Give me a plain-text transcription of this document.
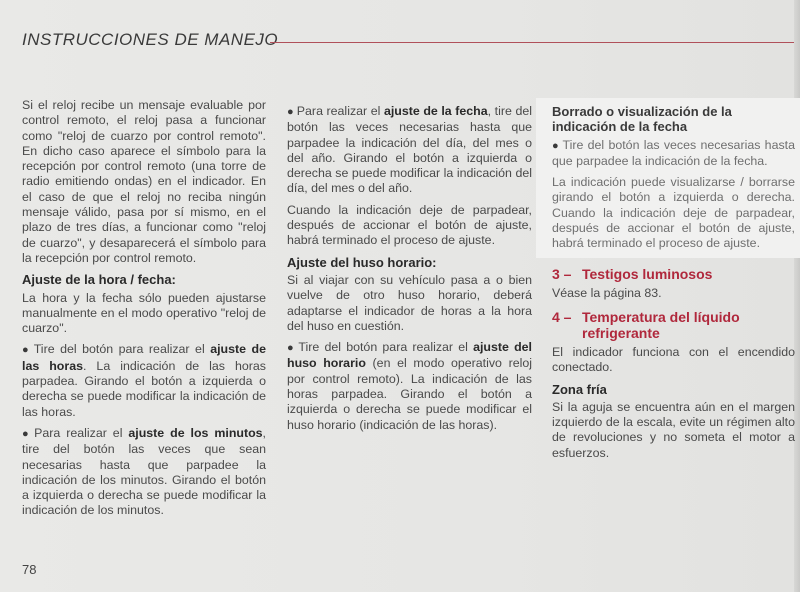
INSTRUCCIONES DE MANEJO

Si el reloj recibe un mensaje evaluable por control remoto, el reloj pasa a funcionar como "reloj de cuarzo por control remoto". En dicho caso aparece el símbolo para la recepción por control remoto (una torre de radio emitiendo ondas) en el indicador. En el caso de que el reloj no reciba ningún mensaje válido, pasa por sí mismo, en el plazo de tres días, a funcionar como "reloj de cuarzo", y desaparecerá el símbolo para la recepción por control remoto.

Ajuste de la hora / fecha:

La hora y la fecha sólo pueden ajustarse manualmente en el modo operativo "reloj de cuarzo".

● Tire del botón para realizar el ajuste de las horas. La indicación de las horas parpadea. Girando el botón a izquierda o derecha se puede modificar la indicación de las horas.

● Para realizar el ajuste de los minutos, tire del botón las veces que sean necesarias hasta que parpadee la indicación de los minutos. Girando el botón a izquierda o derecha se puede modificar la indicación de los minutos.

● Para realizar el ajuste de la fecha, tire del botón las veces necesarias hasta que parpadee la indicación del día, del mes o del año. Girando el botón a izquierda o derecha se puede modificar la indicación del día, del mes o del año.

Cuando la indicación deje de parpadear, después de accionar el botón de ajuste, habrá terminado el proceso de ajuste.

Ajuste del huso horario:

Si al viajar con su vehículo pasa a o bien vuelve de otro huso horario, deberá adaptarse el indicador de horas a la hora del huso en cuestión.

● Tire del botón para realizar el ajuste del huso horario (en el modo operativo reloj por control remoto). La indicación de las horas parpadea. Girando el botón a izquierda o derecha se puede modificar el huso horario (indicación de las horas).

Borrado o visualización de la indicación de la fecha

● Tire del botón las veces necesarias hasta que parpadee la indicación de la fecha.

La indicación puede visualizarse / borrarse girando el botón a izquierda o derecha. Cuando la indicación deje de parpadear, después de accionar el botón de ajuste, habrá terminado el proceso de ajuste.

3 – Testigos luminosos

Véase la página 83.

4 – Temperatura del líquido refrigerante

El indicador funciona con el encendido conectado.

Zona fría

Si la aguja se encuentra aún en el margen izquierdo de la escala, evite un régimen alto de revoluciones y no someta el motor a esfuerzos.

78
